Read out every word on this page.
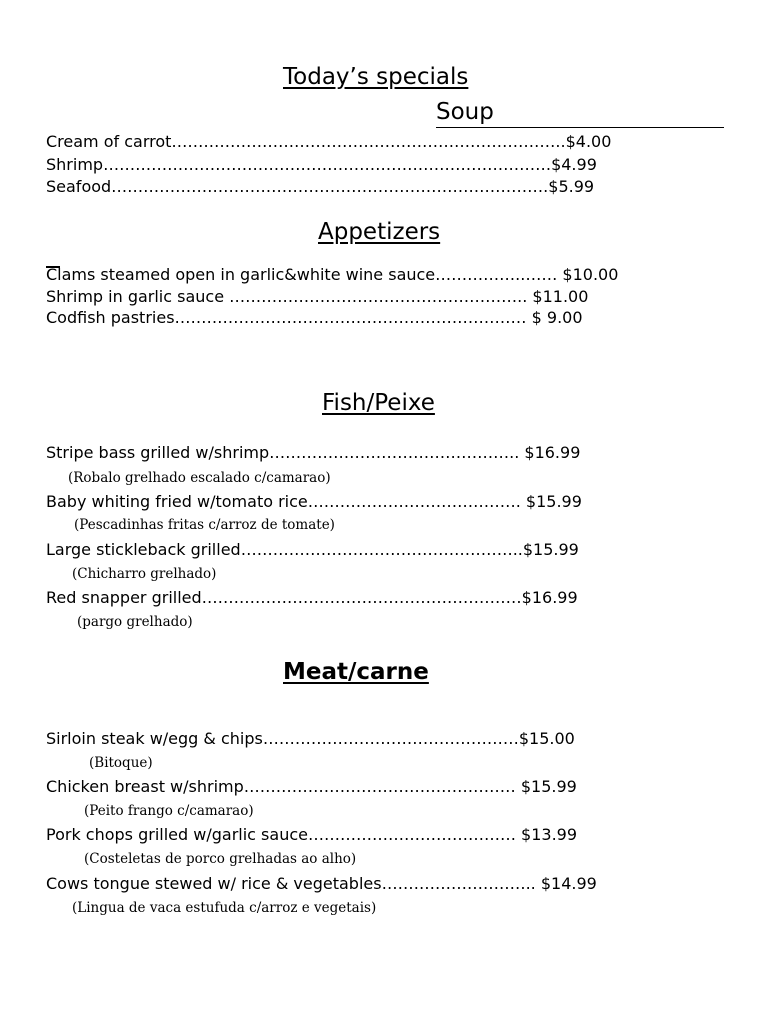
Today’s specials
Soup
Cream of carrot………………………………………………………………..$4.00
Shrimp…………………………………………………………………………$4.99
Seafood……………………………………………………………………….$5.99
Appetizers
Clams steamed open in garlic&white wine sauce……………..…… $10.00
Shrimp in garlic sauce ……………………………………………….. $11.00
Codfish pastries………………………………………………………… $ 9.00
Fish/Peixe
Stripe bass grilled w/shrimp……………………………………….. $16.99
(Robalo grelhado escalado c/camarao)
Baby whiting fried w/tomato rice…………………………………. $15.99
(Pescadinhas fritas c/arroz de tomate)
Large stickleback grilled……………………………………………..$15.99
(Chicharro grelhado)
Red snapper grilled……………………………………………………$16.99
(pargo grelhado)
Meat/carne
Sirloin steak w/egg & chips…………………………………………$15.00
(Bitoque)
Chicken breast w/shrimp…………………………………………… $15.99
(Peito frango c/camarao)
Pork chops grilled w/garlic sauce………………………………… $13.99
(Costeletas de porco grelhadas ao alho)
Cows tongue stewed w/ rice & vegetables……………………….. $14.99
(Lingua de vaca estufuda c/arroz e vegetais)
